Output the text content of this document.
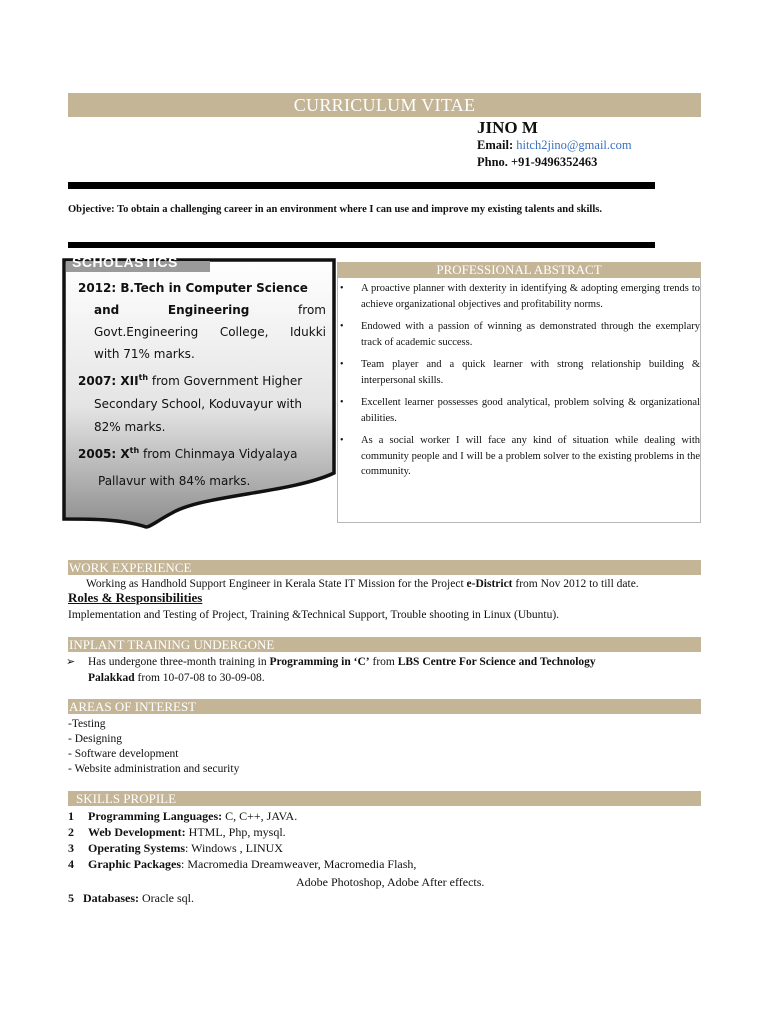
CURRICULUM VITAE
JINO M
Email: hitch2jino@gmail.com
Phno. +91-9496352463
Objective: To obtain a challenging career in an environment where I can use and improve my existing talents and skills.
SCHOLASTICS
2012: B.Tech in Computer Science
and	Engineering	from
Govt.Engineering College, Idukki
with 71% marks.
2007: XIIth from Government Higher
Secondary School, Koduvayur with
82% marks.
2005: Xth from Chinmaya Vidyalaya
Pallavur with 84% marks.
PROFESSIONAL ABSTRACT
• A proactive planner with dexterity in identifying & adopting emerging trends to achieve organizational objectives and profitability norms.
• Endowed with a passion of winning as demonstrated through the exemplary track of academic success.
• Team player and a quick learner with strong relationship building & interpersonal skills.
• Excellent learner possesses good analytical, problem solving & organizational abilities.
• As a social worker I will face any kind of situation while dealing with community people and I will be a problem solver to the existing problems in the community.
WORK EXPERIENCE
Working as Handhold Support Engineer in Kerala State IT Mission for the Project e-District from Nov 2012 to till date.
Roles & Responsibilities
Implementation and Testing of Project, Training &Technical Support, Trouble shooting in Linux (Ubuntu).
INPLANT TRAINING UNDERGONE
➢ Has undergone three-month training in Programming in ‘C’ from LBS Centre For Science and Technology
Palakkad from 10-07-08 to 30-09-08.
AREAS OF INTEREST
-Testing
- Designing
- Software development
- Website administration and security
SKILLS PROPILE
1 Programming Languages: C, C++, JAVA.
2 Web Development: HTML, Php, mysql.
3 Operating Systems: Windows , LINUX
4 Graphic Packages: Macromedia Dreamweaver, Macromedia Flash,
Adobe Photoshop, Adobe After effects.
5 Databases: Oracle sql.
